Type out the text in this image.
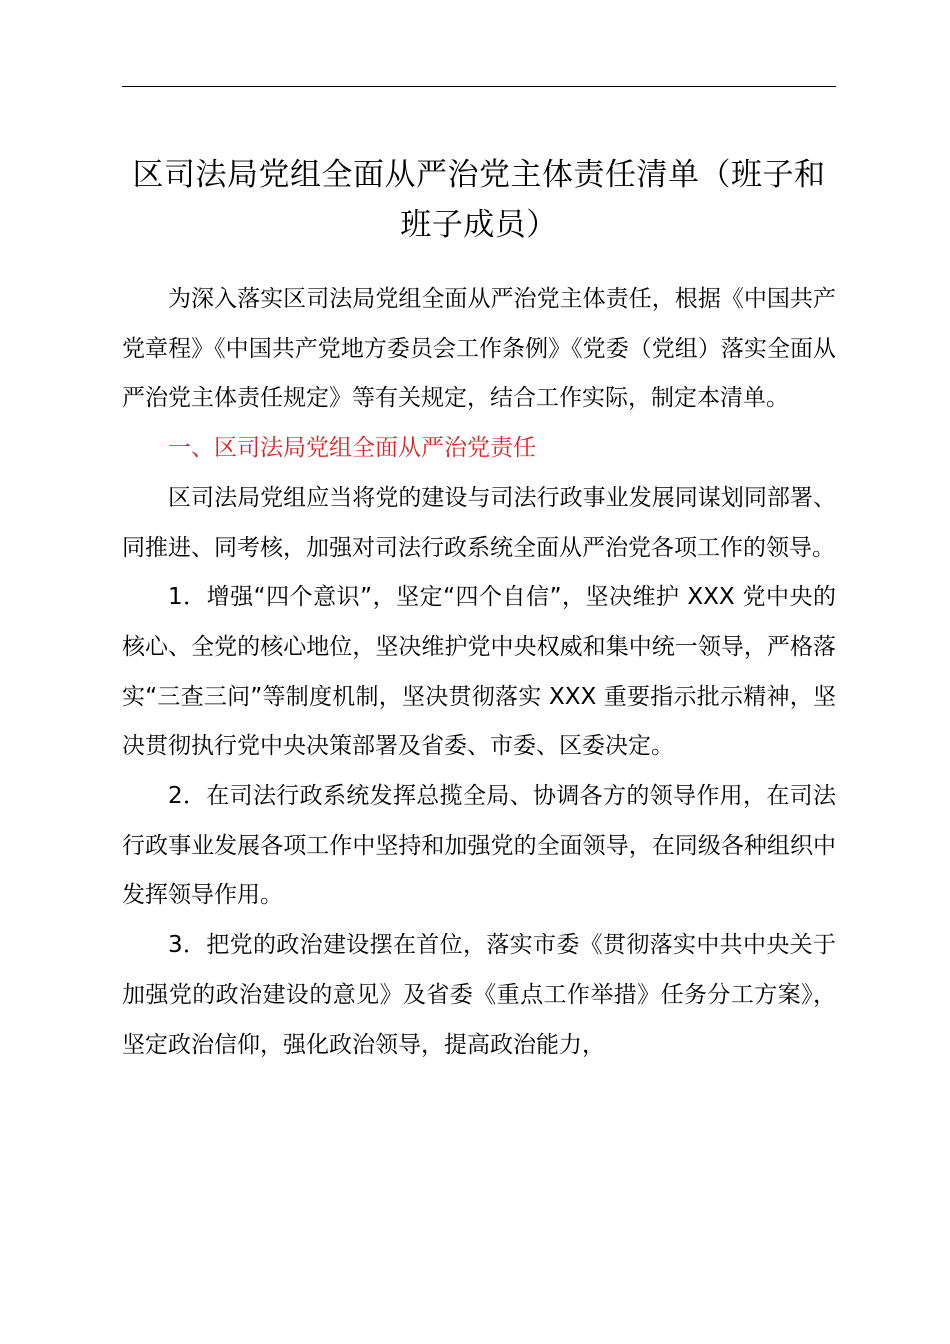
区司法局党组全面从严治党主体责任清单（班子和班子成员）

为深入落实区司法局党组全面从严治党主体责任，根据《中国共产党章程》《中国共产党地方委员会工作条例》《党委（党组）落实全面从严治党主体责任规定》等有关规定，结合工作实际，制定本清单。

一、区司法局党组全面从严治党责任

区司法局党组应当将党的建设与司法行政事业发展同谋划同部署、同推进、同考核，加强对司法行政系统全面从严治党各项工作的领导。

1．增强“四个意识”，坚定“四个自信”，坚决维护 XXX 党中央的核心、全党的核心地位，坚决维护党中央权威和集中统一领导，严格落实“三查三问”等制度机制，坚决贯彻落实 XXX 重要指示批示精神，坚决贯彻执行党中央决策部署及省委、市委、区委决定。

2．在司法行政系统发挥总揽全局、协调各方的领导作用，在司法行政事业发展各项工作中坚持和加强党的全面领导，在同级各种组织中发挥领导作用。

3．把党的政治建设摆在首位，落实市委《贯彻落实中共中央关于加强党的政治建设的意见》及省委《重点工作举措》任务分工方案》，坚定政治信仰，强化政治领导，提高政治能力，
